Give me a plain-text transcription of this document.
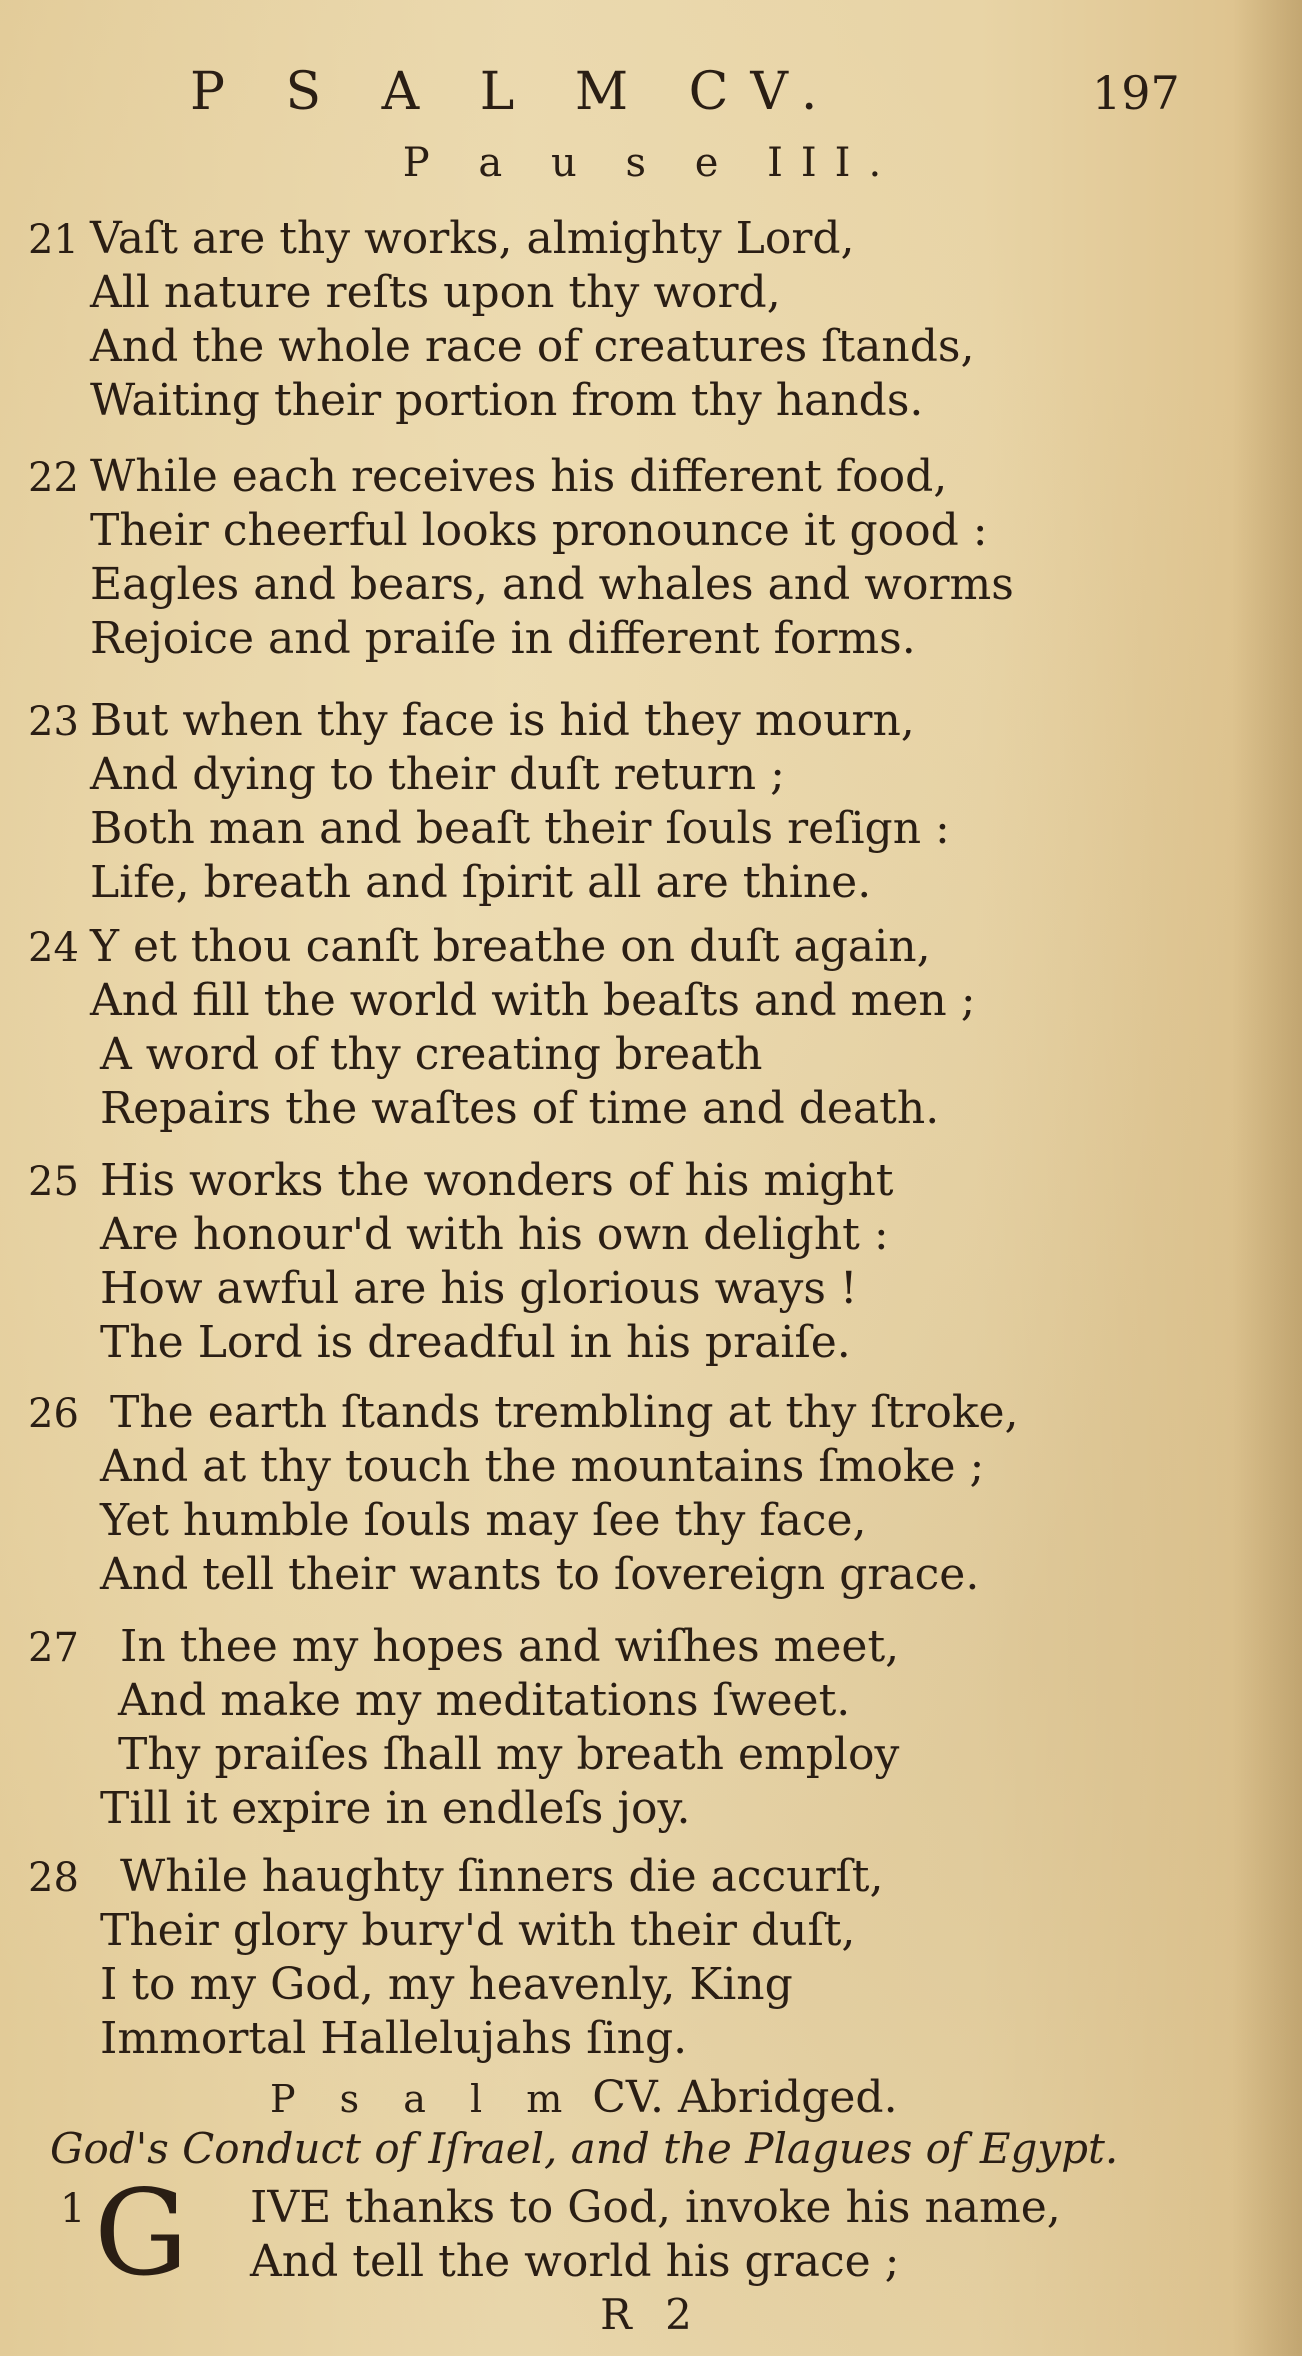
P S A L M CV.	197
P a u s e III.
21 Vaſt are thy works, almighty Lord,
All nature reſts upon thy word,
And the whole race of creatures ſtands,
Waiting their portion from thy hands.
22 While each receives his different food,
Their cheerful looks pronounce it good :
Eagles and bears, and whales and worms
Rejoice and praiſe in different forms.
23 But when thy face is hid they mourn,
And dying to their duſt return ;
Both man and beaſt their ſouls reſign :
Life, breath and ſpirit all are thine.
24 Y et thou canſt breathe on duſt again,
And fill the world with beaſts and men ;
A word of thy creating breath
Repairs the waſtes of time and death.
25 His works the wonders of his might
Are honour'd with his own delight :
How awful are his glorious ways !
The Lord is dreadful in his praiſe.
26 The earth ſtands trembling at thy ſtroke,
And at thy touch the mountains ſmoke ;
Yet humble ſouls may ſee thy face,
And tell their wants to ſovereign grace.
27 In thee my hopes and wiſhes meet,
And make my meditations ſweet.
Thy praiſes ſhall my breath employ
Till it expire in endleſs joy.
28 While haughty ſinners die accurſt,
Their glory bury'd with their duſt,
I to my God, my heavenly, King
Immortal Hallelujahs ſing.
P s a l m CV. Abridged.
God's Conduct of Iſrael, and the Plagues of Egypt.
1 G IVE thanks to God, invoke his name,
And tell the world his grace ;
R 2
